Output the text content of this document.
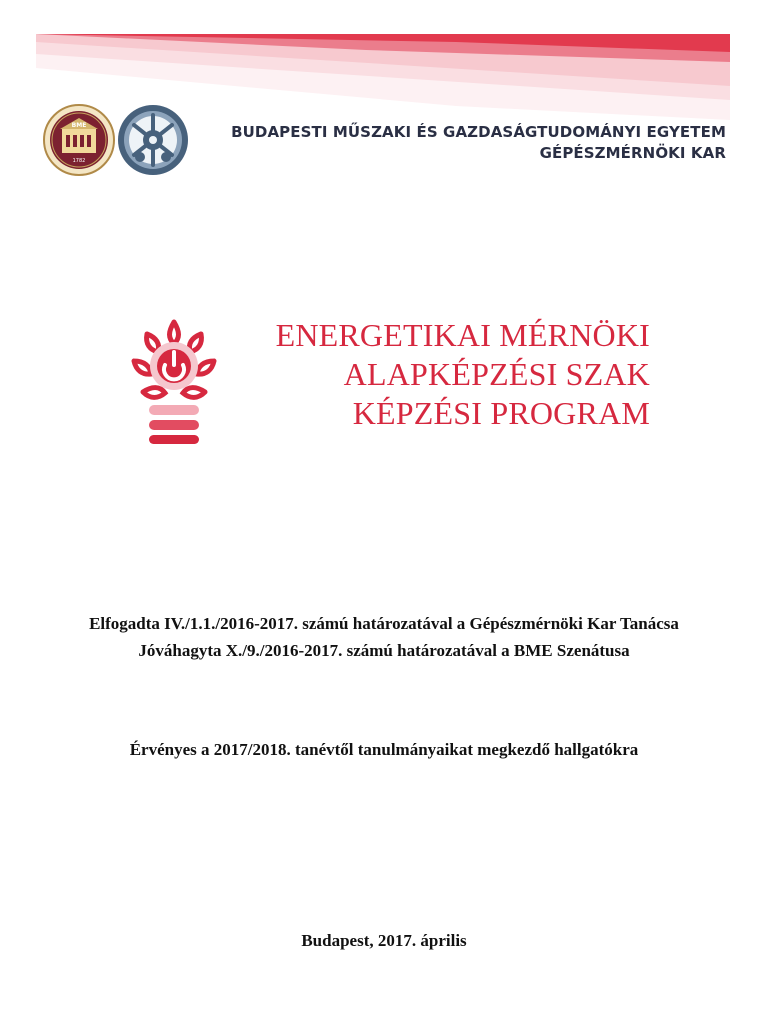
BME
1782
BUDAPESTI MŰSZAKI ÉS GAZDASÁGTUDOMÁNYI EGYETEM
GÉPÉSZMÉRNÖKI KAR
ENERGETIKAI MÉRNÖKI
ALAPKÉPZÉSI SZAK
KÉPZÉSI PROGRAM
Elfogadta IV./1.1./2016-2017. számú határozatával a Gépészmérnöki Kar Tanácsa
Jóváhagyta X./9./2016-2017. számú határozatával a BME Szenátusa
Érvényes a 2017/2018. tanévtől tanulmányaikat megkezdő hallgatókra
Budapest, 2017. április
